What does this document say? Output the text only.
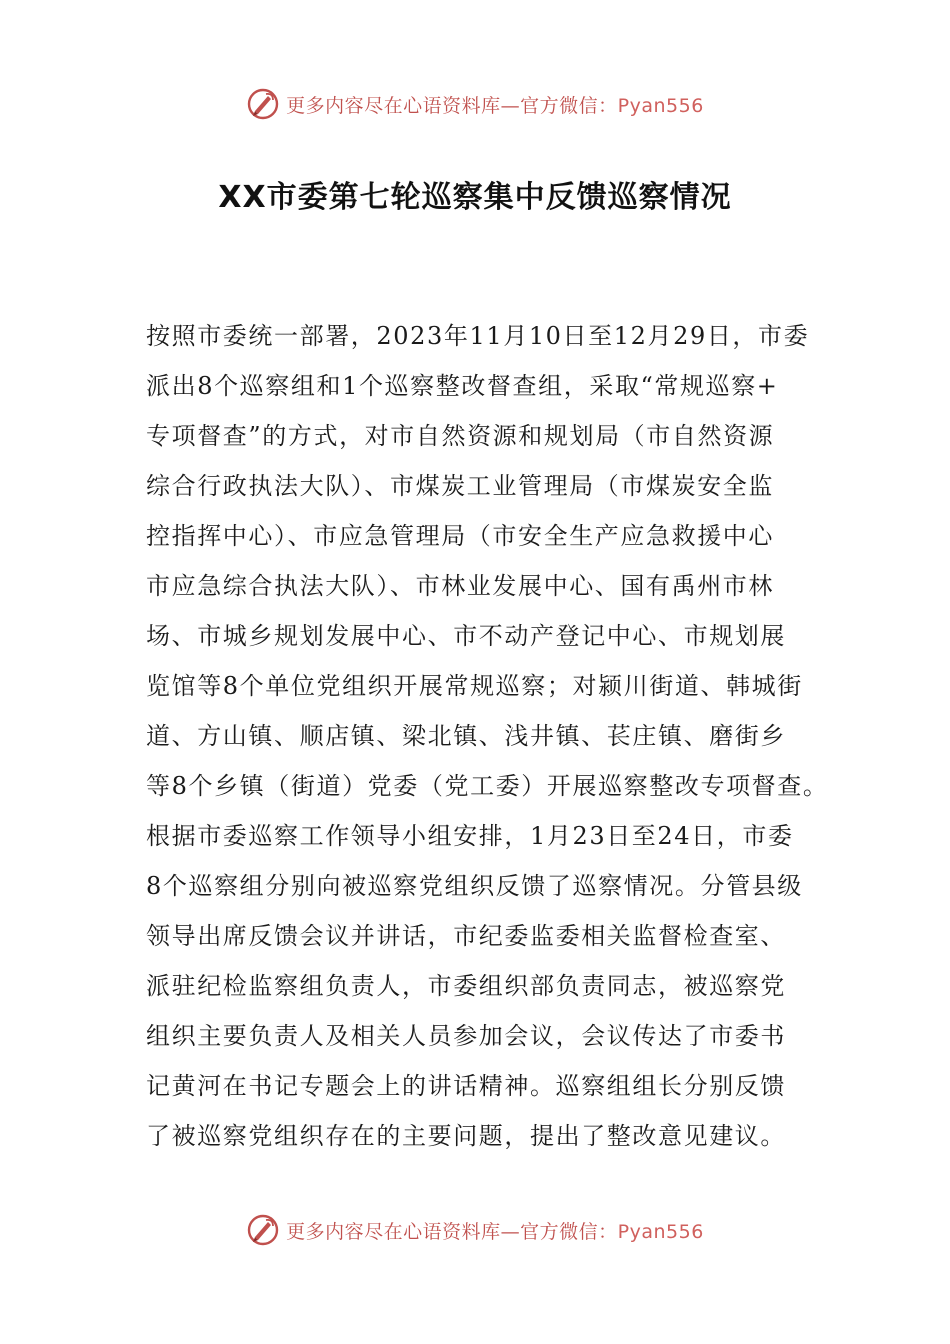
更多内容尽在心语资料库—官方微信：Pyan556
XX市委第七轮巡察集中反馈巡察情况
按照市委统一部署，2023年11月10日至12月29日，市委
派出8个巡察组和1个巡察整改督查组，采取“常规巡察+
专项督查”的方式，对市自然资源和规划局（市自然资源
综合行政执法大队）、市煤炭工业管理局（市煤炭安全监
控指挥中心）、市应急管理局（市安全生产应急救援中心
市应急综合执法大队）、市林业发展中心、国有禹州市林
场、市城乡规划发展中心、市不动产登记中心、市规划展
览馆等8个单位党组织开展常规巡察；对颍川街道、韩城街
道、方山镇、顺店镇、梁北镇、浅井镇、苌庄镇、磨街乡
等8个乡镇（街道）党委（党工委）开展巡察整改专项督查。
根据市委巡察工作领导小组安排，1月23日至24日，市委
8个巡察组分别向被巡察党组织反馈了巡察情况。分管县级
领导出席反馈会议并讲话，市纪委监委相关监督检查室、
派驻纪检监察组负责人，市委组织部负责同志，被巡察党
组织主要负责人及相关人员参加会议，会议传达了市委书
记黄河在书记专题会上的讲话精神。巡察组组长分别反馈
了被巡察党组织存在的主要问题，提出了整改意见建议。
更多内容尽在心语资料库—官方微信：Pyan556
